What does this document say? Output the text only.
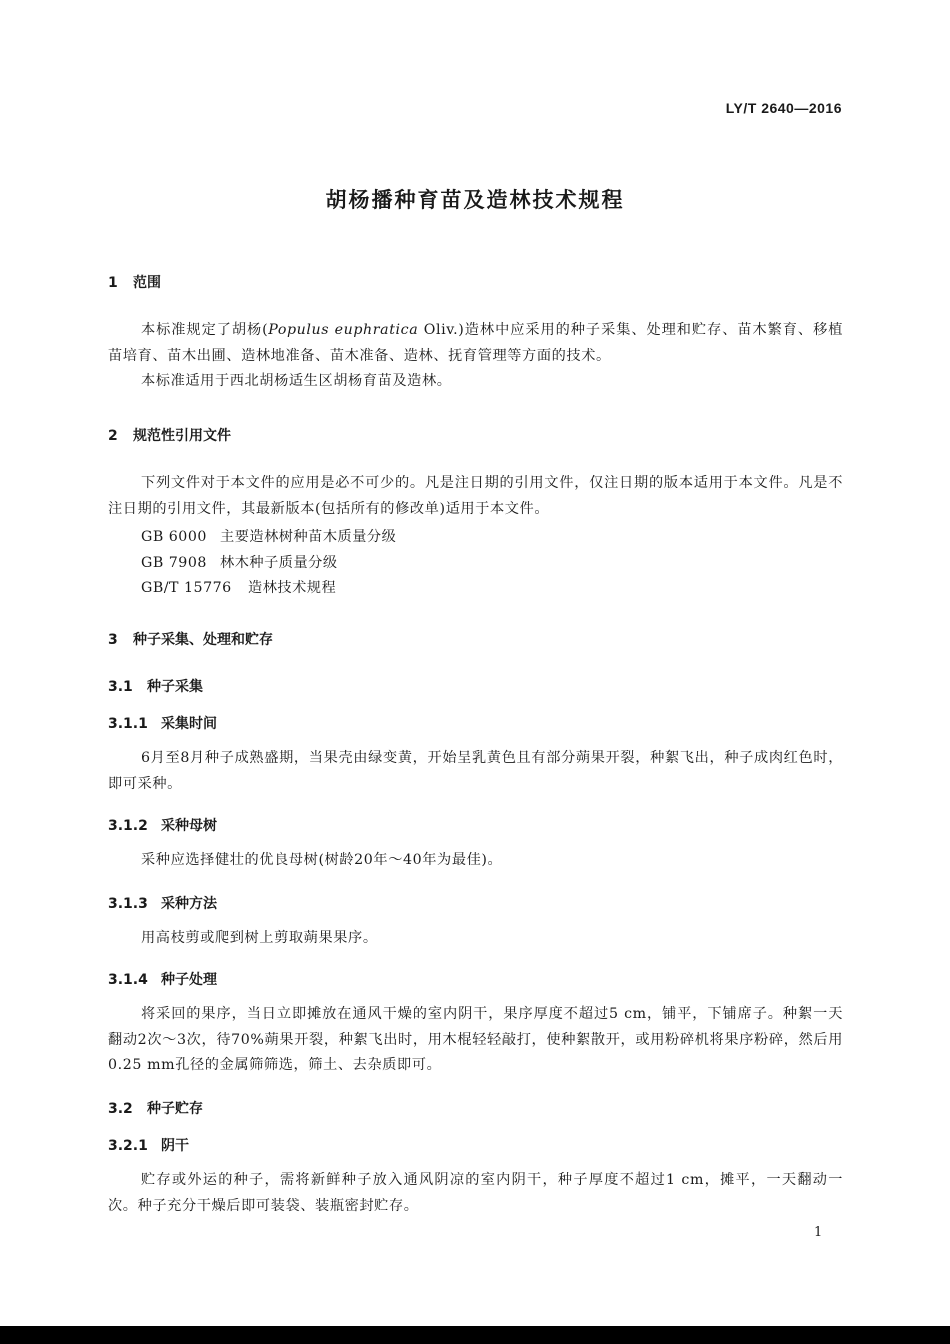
LY/T 2640—2016
胡杨播种育苗及造林技术规程
1 范围

本标准规定了胡杨(Populus euphratica Oliv.)造林中应采用的种子采集、处理和贮存、苗木繁育、移植苗培育、苗木出圃、造林地准备、苗木准备、造林、抚育管理等方面的技术。

本标准适用于西北胡杨适生区胡杨育苗及造林。

2 规范性引用文件

下列文件对于本文件的应用是必不可少的。凡是注日期的引用文件，仅注日期的版本适用于本文件。凡是不注日期的引用文件，其最新版本(包括所有的修改单)适用于本文件。

GB 6000 主要造林树种苗木质量分级
GB 7908 林木种子质量分级
GB/T 15776 造林技术规程
3 种子采集、处理和贮存
3.1 种子采集
3.1.1 采集时间

6月至8月种子成熟盛期，当果壳由绿变黄，开始呈乳黄色且有部分蒴果开裂，种絮飞出，种子成肉红色时，即可采种。

3.1.2 采种母树

采种应选择健壮的优良母树(树龄20年～40年为最佳)。

3.1.3 采种方法

用高枝剪或爬到树上剪取蒴果果序。

3.1.4 种子处理

将采回的果序，当日立即摊放在通风干燥的室内阴干，果序厚度不超过5 cm，铺平，下铺席子。种絮一天翻动2次～3次，待70%蒴果开裂，种絮飞出时，用木棍轻轻敲打，使种絮散开，或用粉碎机将果序粉碎，然后用0.25 mm孔径的金属筛筛选，筛土、去杂质即可。

3.2 种子贮存
3.2.1 阴干

贮存或外运的种子，需将新鲜种子放入通风阴凉的室内阴干，种子厚度不超过1 cm，摊平，一天翻动一次。种子充分干燥后即可装袋、装瓶密封贮存。

1
